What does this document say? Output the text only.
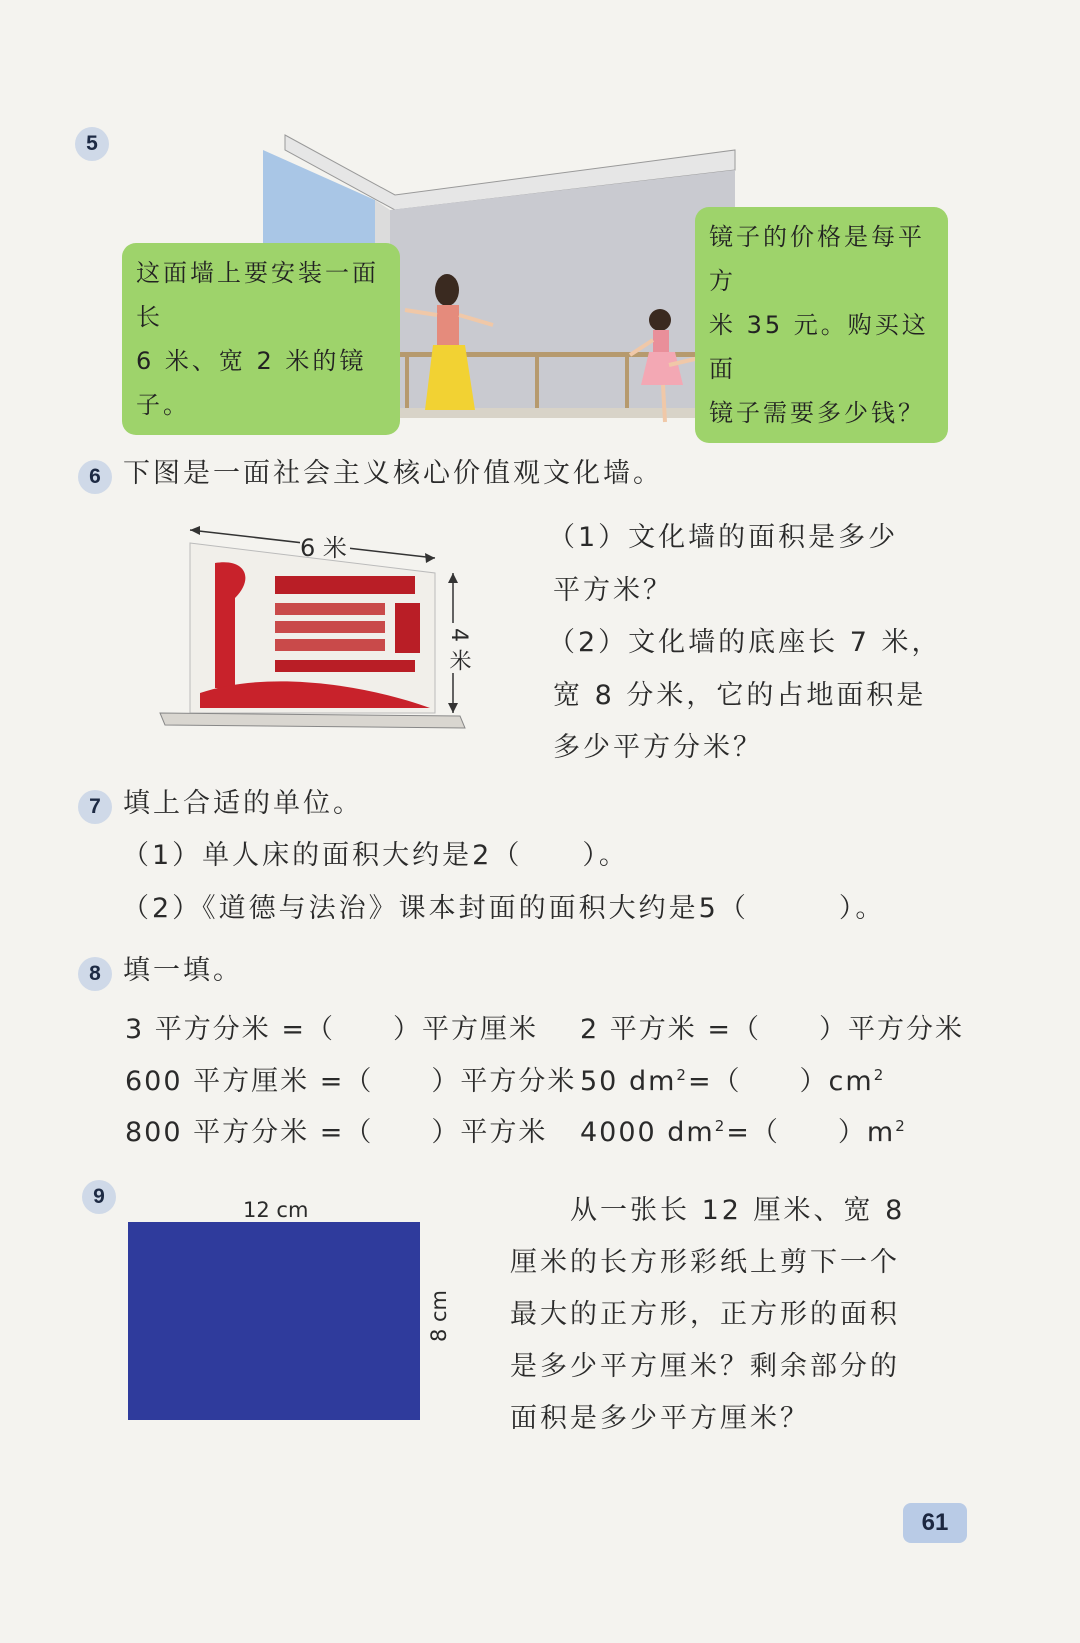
5
这面墙上要安装一面长
6 米、宽 2 米的镜子。
镜子的价格是每平方
米 35 元。购买这面
镜子需要多少钱？
6 下图是一面社会主义核心价值观文化墙。
6 米
4 米
（1）文化墙的面积是多少
平方米？
（2）文化墙的底座长 7 米，
宽 8 分米，它的占地面积是
多少平方分米？
7 填上合适的单位。
（1）单人床的面积大约是2（　　）。
（2）《道德与法治》课本封面的面积大约是5（　　　）。
8 填一填。
3 平方分米 =（　　）平方厘米 2 平方米 =（　　）平方分米
600 平方厘米 =（　　）平方分米 50 $dm^2=$（　　）$cm^2$
800 平方分米 =（　　）平方米 4000 $dm^2=$（　　）$m^2$
9
12 cm
8 cm
从一张长 12 厘米、宽 8
厘米的长方形彩纸上剪下一个
最大的正方形，正方形的面积
是多少平方厘米？剩余部分的
面积是多少平方厘米？
61
